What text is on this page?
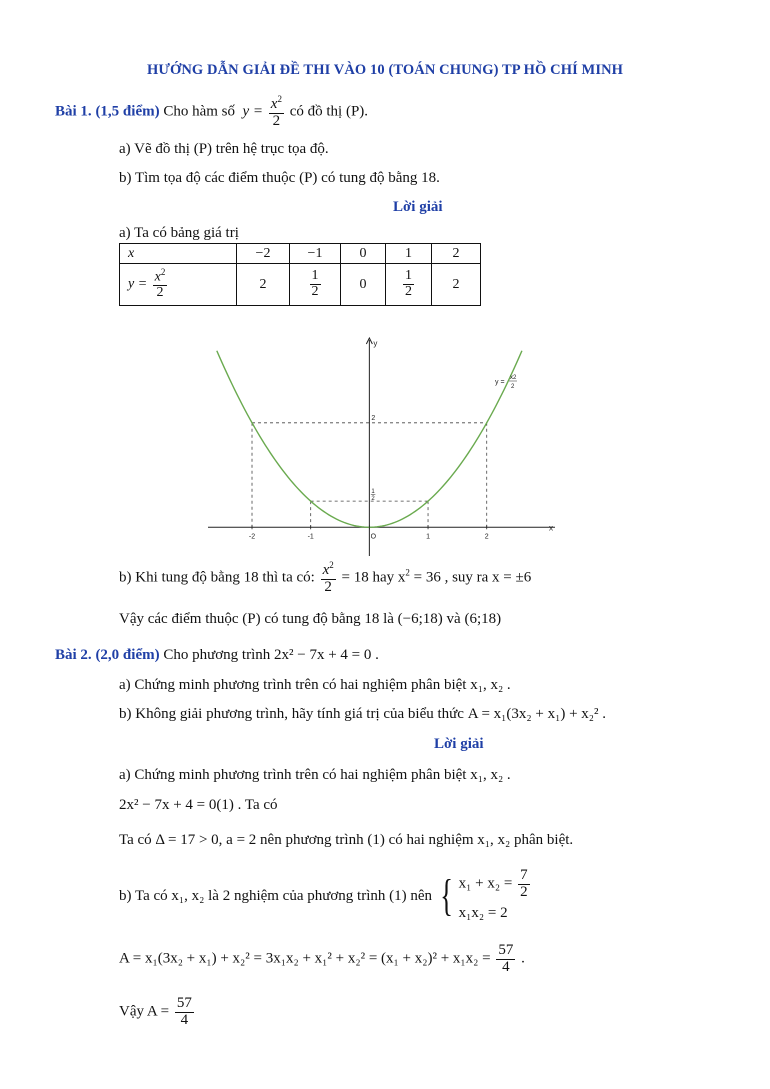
HƯỚNG DẪN GIẢI ĐỀ THI VÀO 10 (TOÁN CHUNG) TP HỒ CHÍ MINH
Bài 1. (1,5 điểm) Cho hàm số $y = \frac{x^2}{2}$ có đồ thị (P).
a) Vẽ đồ thị (P) trên hệ trục tọa độ.
b) Tìm tọa độ các điểm thuộc (P) có tung độ bằng 18.
Lời giải
a) Ta có bảng giá trị
x	−2	−1	0	1	2
$y = \frac{x^2}{2}$	2	$\frac{1}{2}$	0	$\frac{1}{2}$	2
x
y
-2	-1	O	1	2
2
1
2
y =
x2
2
b) Khi tung độ bằng 18 thì ta có: $\frac{x^2}{2} = 18$ hay $x^2 = 36$ , suy ra x = ±6
Vậy các điểm thuộc (P) có tung độ bằng 18 là (−6;18) và (6;18)
Bài 2. (2,0 điểm) Cho phương trình 2x² − 7x + 4 = 0 .
a) Chứng minh phương trình trên có hai nghiệm phân biệt x₁, x₂ .
b) Không giải phương trình, hãy tính giá trị của biểu thức A = x₁(3x₂ + x₁) + x₂² .
Lời giải
a) Chứng minh phương trình trên có hai nghiệm phân biệt x₁, x₂ .
2x² − 7x + 4 = 0(1) . Ta có
Ta có Δ = 17 > 0, a = 2 nên phương trình (1) có hai nghiệm x₁, x₂ phân biệt.
b) Ta có x₁, x₂ là 2 nghiệm của phương trình (1) nên { $x_1 + x_2 = \frac{7}{2}$
x₁x₂ = 2
$A = x_1(3x_2 + x_1) + x_2^2 = 3x_1x_2 + x_1^2 + x_2^2 = (x_1 + x_2)^2 + x_1x_2 = \frac{57}{4}$ .
Vậy $A = \frac{57}{4}$
